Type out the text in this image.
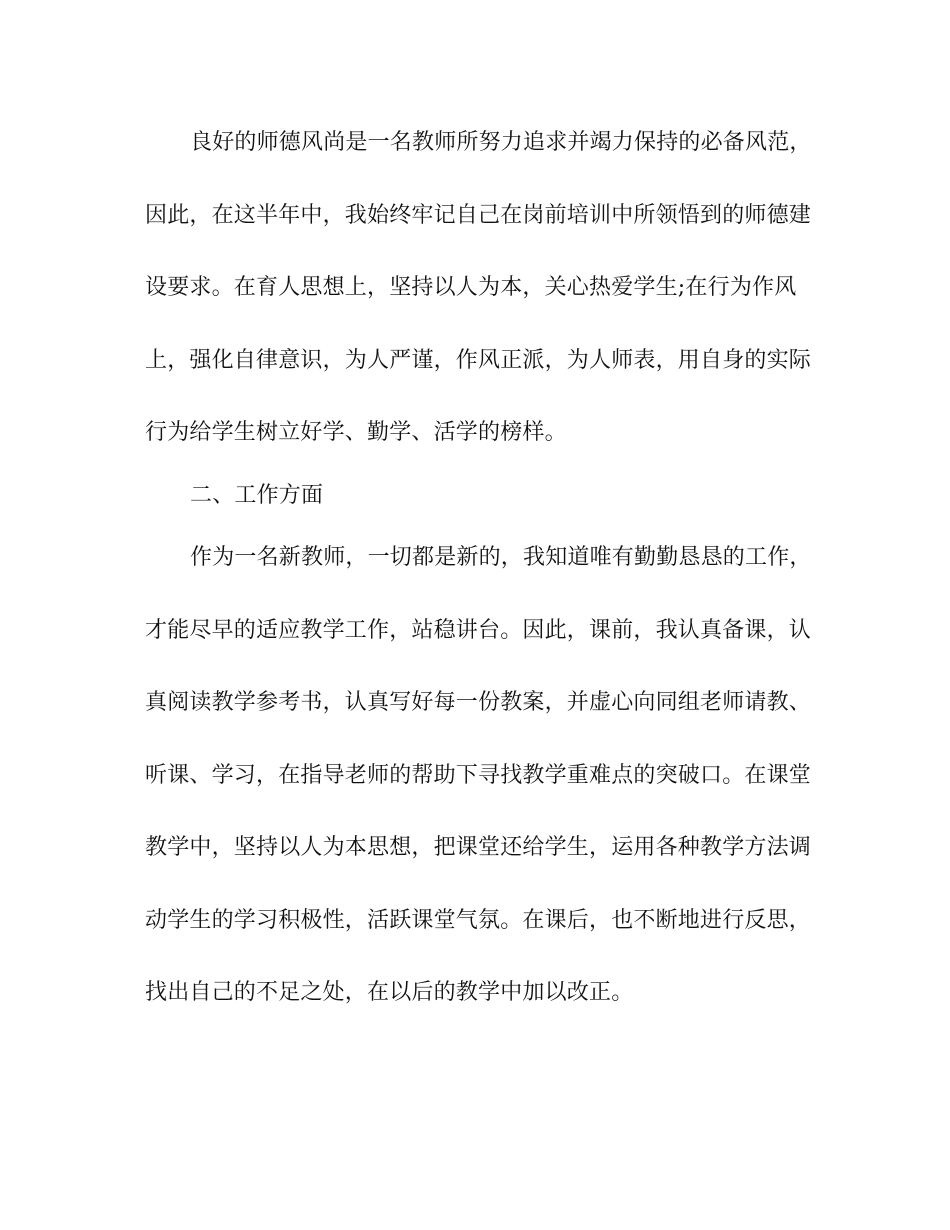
良好的师德风尚是一名教师所努力追求并竭力保持的必备风范，
因此，在这半年中，我始终牢记自己在岗前培训中所领悟到的师德建
设要求。在育人思想上，坚持以人为本，关心热爱学生;在行为作风
上，强化自律意识，为人严谨，作风正派，为人师表，用自身的实际
行为给学生树立好学、勤学、活学的榜样。
二、工作方面
作为一名新教师，一切都是新的，我知道唯有勤勤恳恳的工作，
才能尽早的适应教学工作，站稳讲台。因此，课前，我认真备课，认
真阅读教学参考书，认真写好每一份教案，并虚心向同组老师请教、
听课、学习，在指导老师的帮助下寻找教学重难点的突破口。在课堂
教学中，坚持以人为本思想，把课堂还给学生，运用各种教学方法调
动学生的学习积极性，活跃课堂气氛。在课后，也不断地进行反思，
找出自己的不足之处，在以后的教学中加以改正。
